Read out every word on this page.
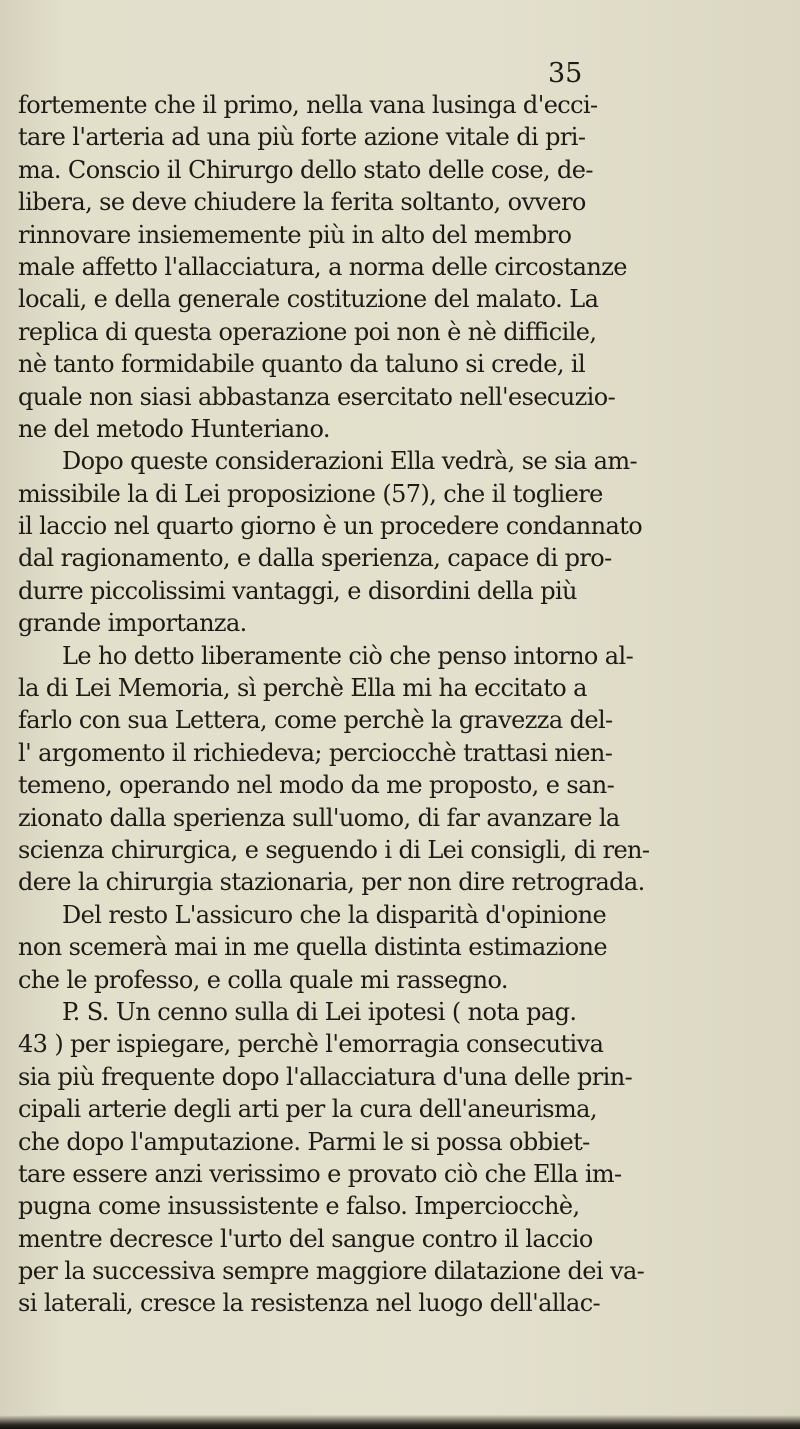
35
fortemente che il primo, nella vana lusinga d'ecci-
tare l'arteria ad una più forte azione vitale di pri-
ma. Conscio il Chirurgo dello stato delle cose, de-
libera, se deve chiudere la ferita soltanto, ovvero
rinnovare insiememente più in alto del membro
male affetto l'allacciatura, a norma delle circostanze
locali, e della generale costituzione del malato. La
replica di questa operazione poi non è nè difficile,
nè tanto formidabile quanto da taluno si crede, il
quale non siasi abbastanza esercitato nell'esecuzio-
ne del metodo Hunteriano.
Dopo queste considerazioni Ella vedrà, se sia am-
missibile la di Lei proposizione (57), che il togliere
il laccio nel quarto giorno è un procedere condannato
dal ragionamento, e dalla sperienza, capace di pro-
durre piccolissimi vantaggi, e disordini della più
grande importanza.
Le ho detto liberamente ciò che penso intorno al-
la di Lei Memoria, sì perchè Ella mi ha eccitato a
farlo con sua Lettera, come perchè la gravezza del-
l' argomento il richiedeva; perciocchè trattasi nien-
temeno, operando nel modo da me proposto, e san-
zionato dalla sperienza sull'uomo, di far avanzare la
scienza chirurgica, e seguendo i di Lei consigli, di ren-
dere la chirurgia stazionaria, per non dire retrograda.
Del resto L'assicuro che la disparità d'opinione
non scemerà mai in me quella distinta estimazione
che le professo, e colla quale mi rassegno.
P. S. Un cenno sulla di Lei ipotesi ( nota pag.
43 ) per ispiegare, perchè l'emorragia consecutiva
sia più frequente dopo l'allacciatura d'una delle prin-
cipali arterie degli arti per la cura dell'aneurisma,
che dopo l'amputazione. Parmi le si possa obbiet-
tare essere anzi verissimo e provato ciò che Ella im-
pugna come insussistente e falso. Imperciocchè,
mentre decresce l'urto del sangue contro il laccio
per la successiva sempre maggiore dilatazione dei va-
si laterali, cresce la resistenza nel luogo dell'allac-
